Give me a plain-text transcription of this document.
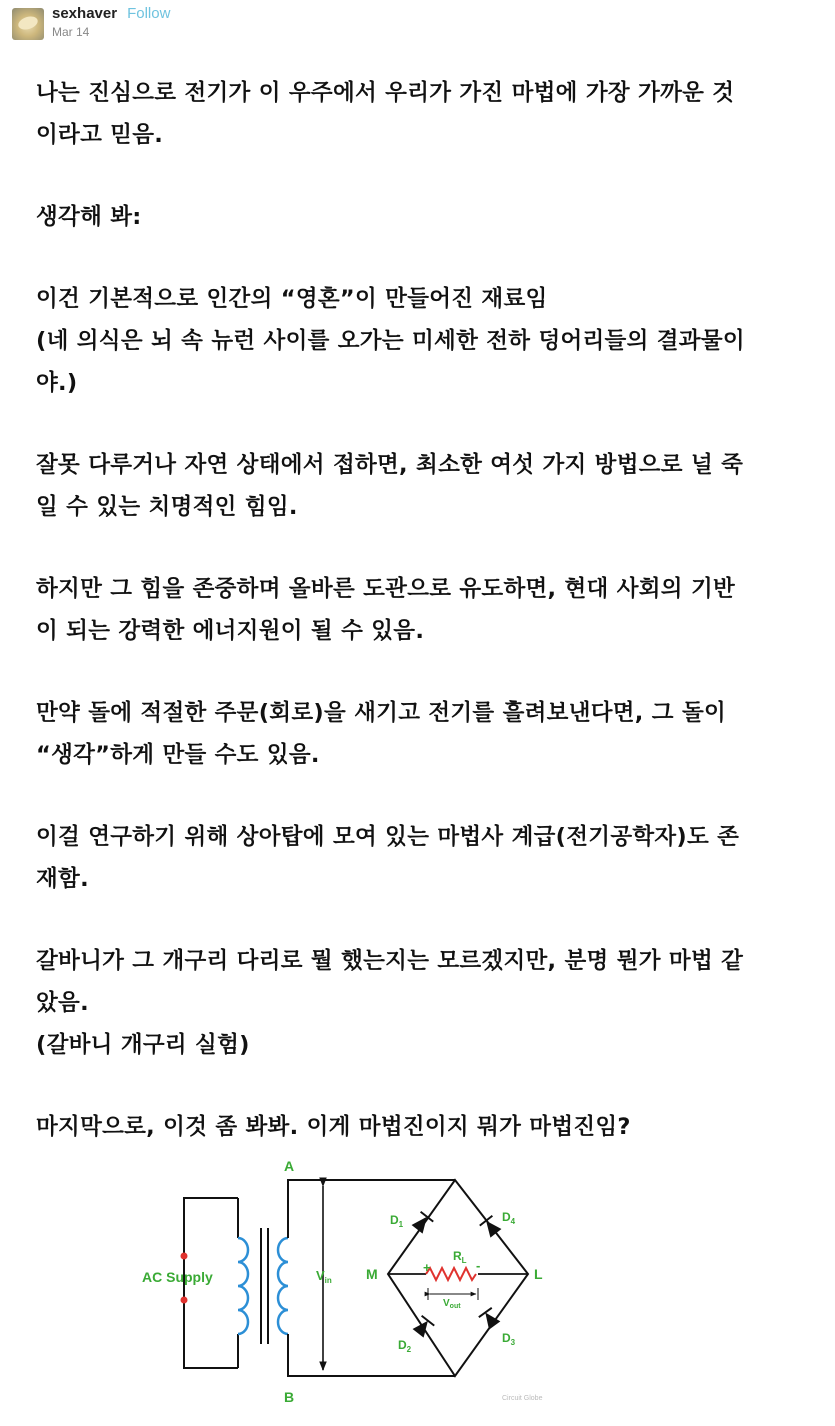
sexhaver Follow
Mar 14

나는 진심으로 전기가 이 우주에서 우리가 가진 마법에 가장 가까운 것
이라고 믿음.

생각해 봐:

이건 기본적으로 인간의 “영혼”이 만들어진 재료임
(네 의식은 뇌 속 뉴런 사이를 오가는 미세한 전하 덩어리들의 결과물이
야.)

잘못 다루거나 자연 상태에서 접하면, 최소한 여섯 가지 방법으로 널 죽
일 수 있는 치명적인 힘임.

하지만 그 힘을 존중하며 올바른 도관으로 유도하면, 현대 사회의 기반
이 되는 강력한 에너지원이 될 수 있음.

만약 돌에 적절한 주문(회로)을 새기고 전기를 흘려보낸다면, 그 돌이
“생각”하게 만들 수도 있음.

이걸 연구하기 위해 상아탑에 모여 있는 마법사 계급(전기공학자)도 존
재함.

갈바니가 그 개구리 다리로 뭘 했는지는 모르겠지만, 분명 뭔가 마법 같
았음.
(갈바니 개구리 실험)

마지막으로, 이것 좀 봐봐. 이게 마법진이지 뭐가 마법진임?

A
B
M	L
AC Supply	$V_{in}$
$R_L$
$V_{out}$
+	-
$D_1$
$D_4$
$D_2$
$D_3$
Circuit Globe
